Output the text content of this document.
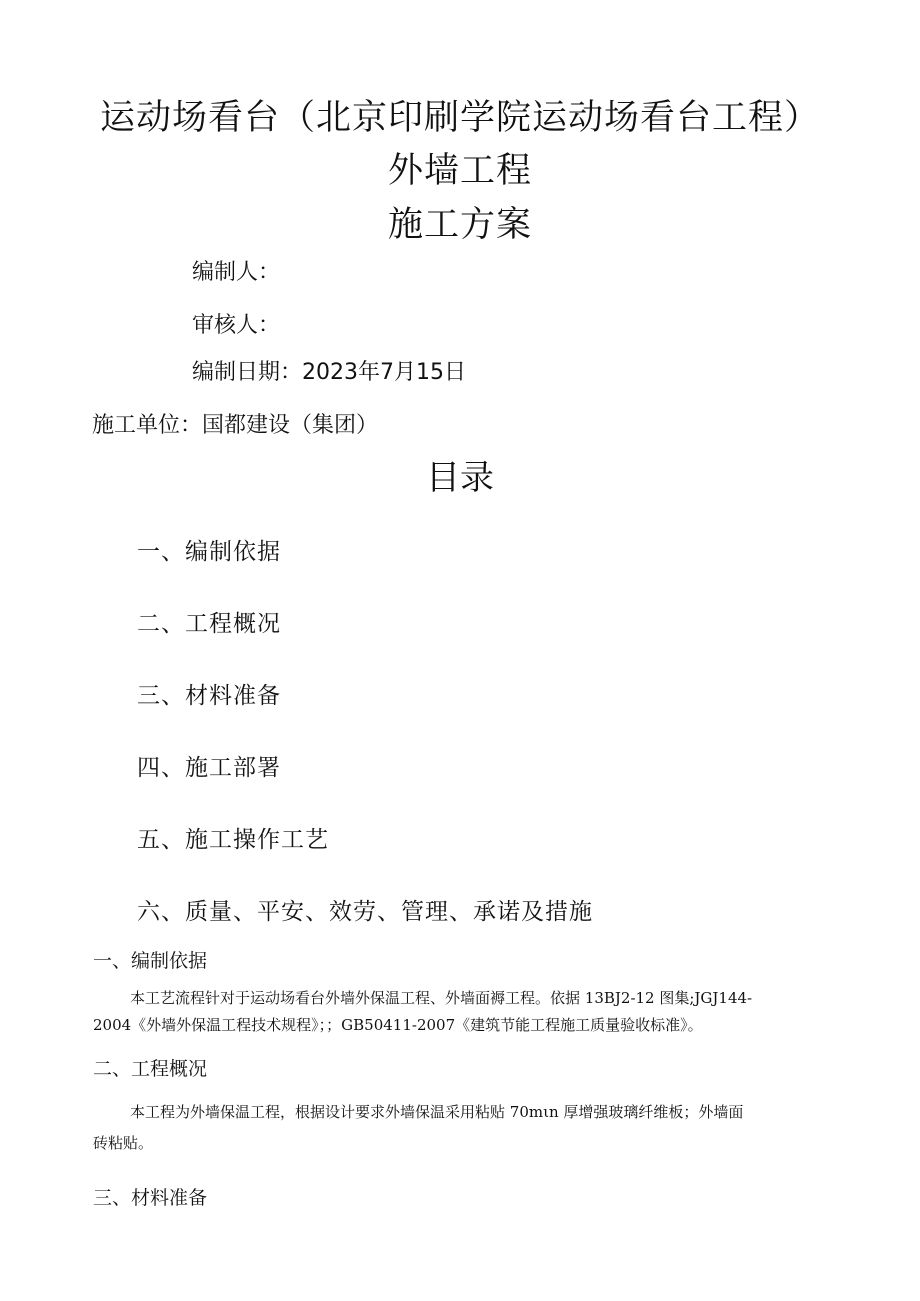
运动场看台（北京印刷学院运动场看台工程）
外墙工程
施工方案
编制人：
审核人：
编制日期：2023年7月15日
施工单位：国都建设（集团）
目录
一、编制依据
二、工程概况
三、材料准备
四、施工部署
五、施工操作工艺
六、质量、平安、效劳、管理、承诺及措施
一、编制依据
本工艺流程针对于运动场看台外墙外保温工程、外墙面褥工程。依据 13BJ2-12 图集;JGJ144-
2004《外墙外保温工程技术规程》；；GB50411-2007《建筑节能工程施工质量验收标准》。
二、工程概况
本工程为外墙保温工程，根据设计要求外墙保温采用粘贴 70mιn 厚增强玻璃纤维板；外墙面
砖粘贴。
三、材料准备
